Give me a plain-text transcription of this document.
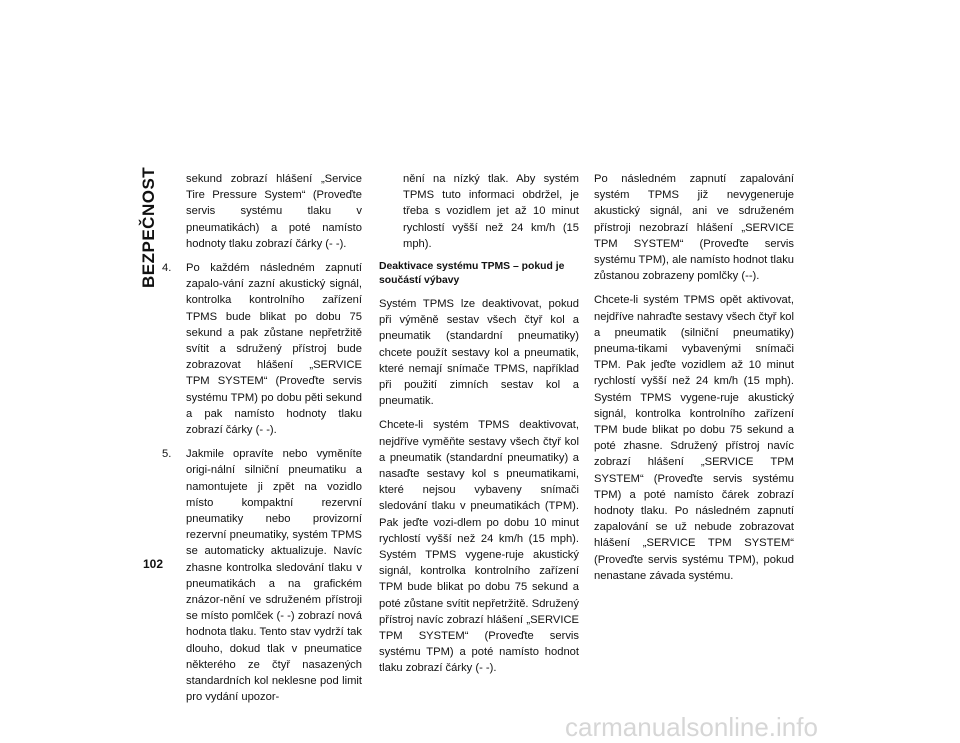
BEZPEČNOST	sekund zobrazí hlášení „Service Tire Pressure System“ (Proveďte servis systému tlaku v pneumatikách) a poté namísto hodnoty tlaku zobrazí čárky (- -).

4.	Po každém následném zapnutí zapalo-vání zazní akustický signál, kontrolka kontrolního zařízení TPMS bude blikat po dobu 75 sekund a pak zůstane nepřetržitě svítit a sdružený přístroj bude zobrazovat hlášení „SERVICE TPM SYSTEM“ (Proveďte servis systému TPM) po dobu pěti sekund a pak namísto hodnoty tlaku zobrazí čárky (- -).
5.	Jakmile opravíte nebo vyměníte origi-nální silniční pneumatiku a namontujete ji zpět na vozidlo místo kompaktní rezervní pneumatiky nebo provizorní rezervní pneumatiky, systém TPMS se automaticky aktualizuje. Navíc zhasne kontrolka sledování tlaku v pneumatikách a na grafickém znázor-nění ve sdruženém přístroji se místo pomlček (- -) zobrazí nová hodnota tlaku. Tento stav vydrží tak dlouho, dokud tlak v pneumatice některého ze čtyř nasazených standardních kol neklesne pod limit pro vydání upozor-

nění na nízký tlak. Aby systém TPMS tuto informaci obdržel, je třeba s vozidlem jet až 10 minut rychlostí vyšší než 24 km/h (15 mph).

Deaktivace systému TPMS – pokud je součástí výbavy

Systém TPMS lze deaktivovat, pokud při výměně sestav všech čtyř kol a pneumatik (standardní pneumatiky) chcete použít sestavy kol a pneumatik, které nemají snímače TPMS, například při použití zimních sestav kol a pneumatik.

Chcete-li systém TPMS deaktivovat, nejdříve vyměňte sestavy všech čtyř kol a pneumatik (standardní pneumatiky) a nasaďte sestavy kol s pneumatikami, které nejsou vybaveny snímači sledování tlaku v pneumatikách (TPM). Pak jeďte vozi-dlem po dobu 10 minut rychlostí vyšší než 24 km/h (15 mph). Systém TPMS vygene-ruje akustický signál, kontrolka kontrolního zařízení TPM bude blikat po dobu 75 sekund a poté zůstane svítit nepřetržitě. Sdružený přístroj navíc zobrazí hlášení „SERVICE TPM SYSTEM“ (Proveďte servis systému TPM) a poté namísto hodnot tlaku zobrazí čárky (- -).

Po následném zapnutí zapalování systém TPMS již nevygeneruje akustický signál, ani ve sdruženém přístroji nezobrazí hlášení „SERVICE TPM SYSTEM“ (Proveďte servis systému TPM), ale namísto hodnot tlaku zůstanou zobrazeny pomlčky (--).

Chcete-li systém TPMS opět aktivovat, nejdříve nahraďte sestavy všech čtyř kol a pneumatik (silniční pneumatiky) pneuma-tikami vybavenými snímači TPM. Pak jeďte vozidlem až 10 minut rychlostí vyšší než 24 km/h (15 mph). Systém TPMS vygene-ruje akustický signál, kontrolka kontrolního zařízení TPM bude blikat po dobu 75 sekund a poté zhasne. Sdružený přístroj navíc zobrazí hlášení „SERVICE TPM SYSTEM“ (Proveďte servis systému TPM) a poté namísto čárek zobrazí hodnoty tlaku. Po následném zapnutí zapalování se už nebude zobrazovat hlášení „SERVICE TPM SYSTEM“ (Proveďte servis systému TPM), pokud nenastane závada systému.

102
carmanualsonline.info
